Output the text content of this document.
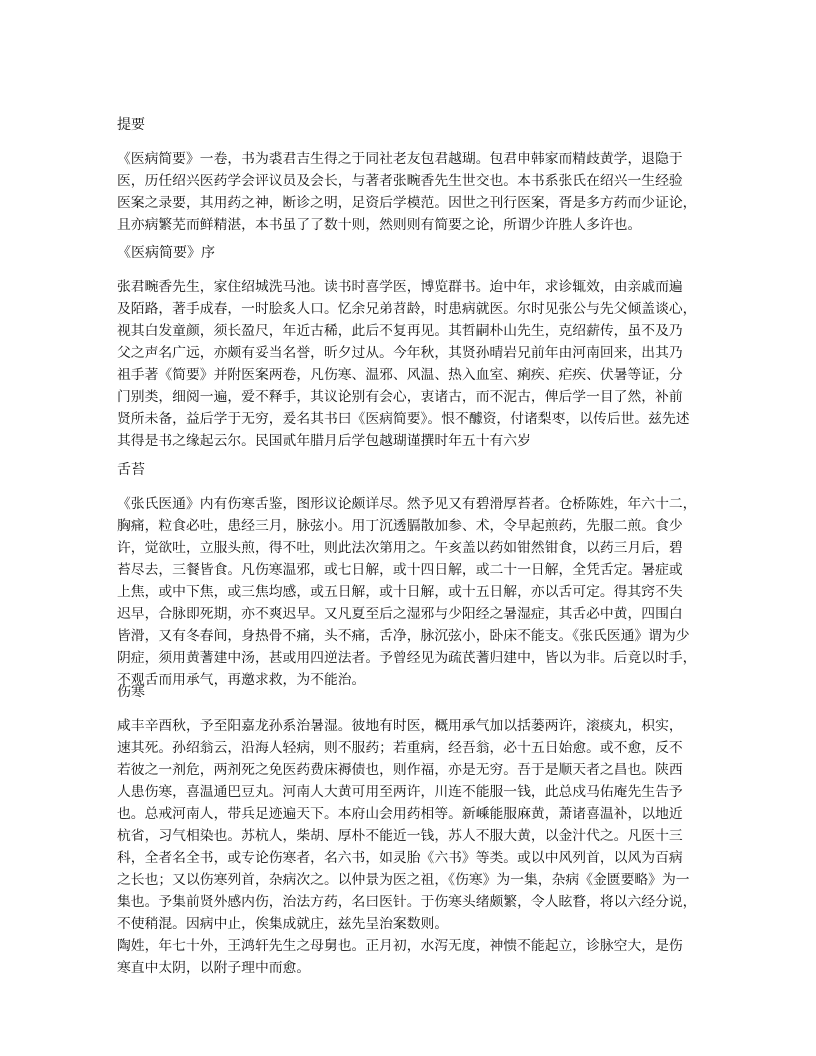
提要
《医病简要》一卷，书为裘君吉生得之于同社老友包君越瑚。包君申韩家而精歧黄学，退隐于
医，历任绍兴医药学会评议员及会长，与著者张畹香先生世交也。本书系张氏在绍兴一生经验
医案之录要，其用药之神，断诊之明，足资后学模范。因世之刊行医案，胥是多方药而少证论，
且亦病繁芜而鲜精湛，本书虽了了数十则，然则则有简要之论，所谓少许胜人多许也。
《医病简要》序
张君畹香先生，家住绍城洗马池。读书时喜学医，博览群书。迨中年，求诊辄效，由亲戚而遍
及陌路，著手成春，一时脍炙人口。忆余兄弟苕龄，时患病就医。尔时见张公与先父倾盖谈心，
视其白发童颜，须长盈尺，年近古稀，此后不复再见。其哲嗣朴山先生，克绍薪传，虽不及乃
父之声名广远，亦颇有妥当名誉，昕夕过从。今年秋，其贤孙晴岩兄前年由河南回来，出其乃
祖手著《简要》并附医案两卷，凡伤寒、温邪、风温、热入血室、痢疾、疟疾、伏暑等证，分
门别类，细阅一遍，爱不释手，其议论别有会心，衷诸古，而不泥古，俾后学一目了然，补前
贤所未备，益后学于无穷，爰名其书曰《医病简要》。恨不醵资，付诸梨枣，以传后世。兹先述
其得是书之缘起云尔。民国贰年腊月后学包越瑚谨撰时年五十有六岁
舌苔
《张氏医通》内有伤寒舌鉴，图形议论颇详尽。然予见又有碧滑厚苔者。仓桥陈姓，年六十二，
胸痛，粒食必吐，患经三月，脉弦小。用丁沉透膈散加参、术，令早起煎药，先服二煎。食少
许，觉欲吐，立服头煎，得不吐，则此法次第用之。午亥盖以药如钳然钳食，以药三月后，碧
苔尽去，三餐皆食。凡伤寒温邪，或七日解，或十四日解，或二十一日解，全凭舌定。暑症或
上焦，或中下焦，或三焦均感，或五日解，或十日解，或十五日解，亦以舌可定。得其窍不失
迟早，合脉即死期，亦不爽迟早。又凡夏至后之湿邪与少阳经之暑湿症，其舌必中黄，四围白
皆滑，又有冬春间，身热骨不痛，头不痛，舌净，脉沉弦小，卧床不能支。《张氏医通》谓为少
阴症，须用黄蓍建中汤，甚或用四逆法者。予曾经见为疏芪蓍归建中，皆以为非。后竟以时手，
不观舌而用承气，再邀求救，为不能治。
伤寒
咸丰辛酉秋，予至阳嘉龙孙系治暑湿。彼地有时医，概用承气加以括蒌两许，滚痰丸，枳实，
速其死。孙绍翁云，沿海人轻病，则不服药；若重病，经吾翁，必十五日始愈。或不愈，反不
若彼之一剂危，两剂死之免医药费床褥债也，则作福，亦是无穷。吾于是顺天者之昌也。陕西
人患伤寒，喜温通巴豆丸。河南人大黄可用至两许，川连不能服一钱，此总戍马佑庵先生告予
也。总戒河南人，带兵足迹遍天下。本府山会用药相等。新嵊能服麻黄，萧诸喜温补，以地近
杭省，习气相染也。苏杭人，柴胡、厚朴不能近一钱，苏人不服大黄，以金汁代之。凡医十三
科，全者名全书，或专论伤寒者，名六书，如灵胎《六书》等类。或以中风列首，以风为百病
之长也；又以伤寒列首，杂病次之。以仲景为医之祖，《伤寒》为一集，杂病《金匮要略》为一
集也。予集前贤外感内伤，治法方药，名曰医针。于伤寒头绪颇繁，令人眩瞀，将以六经分说，
不使稍混。因病中止，俟集成就庄，兹先呈治案数则。
陶姓，年七十外，王鸿轩先生之母舅也。正月初，水泻无度，神愦不能起立，诊脉空大，是伤
寒直中太阴，以附子理中而愈。
